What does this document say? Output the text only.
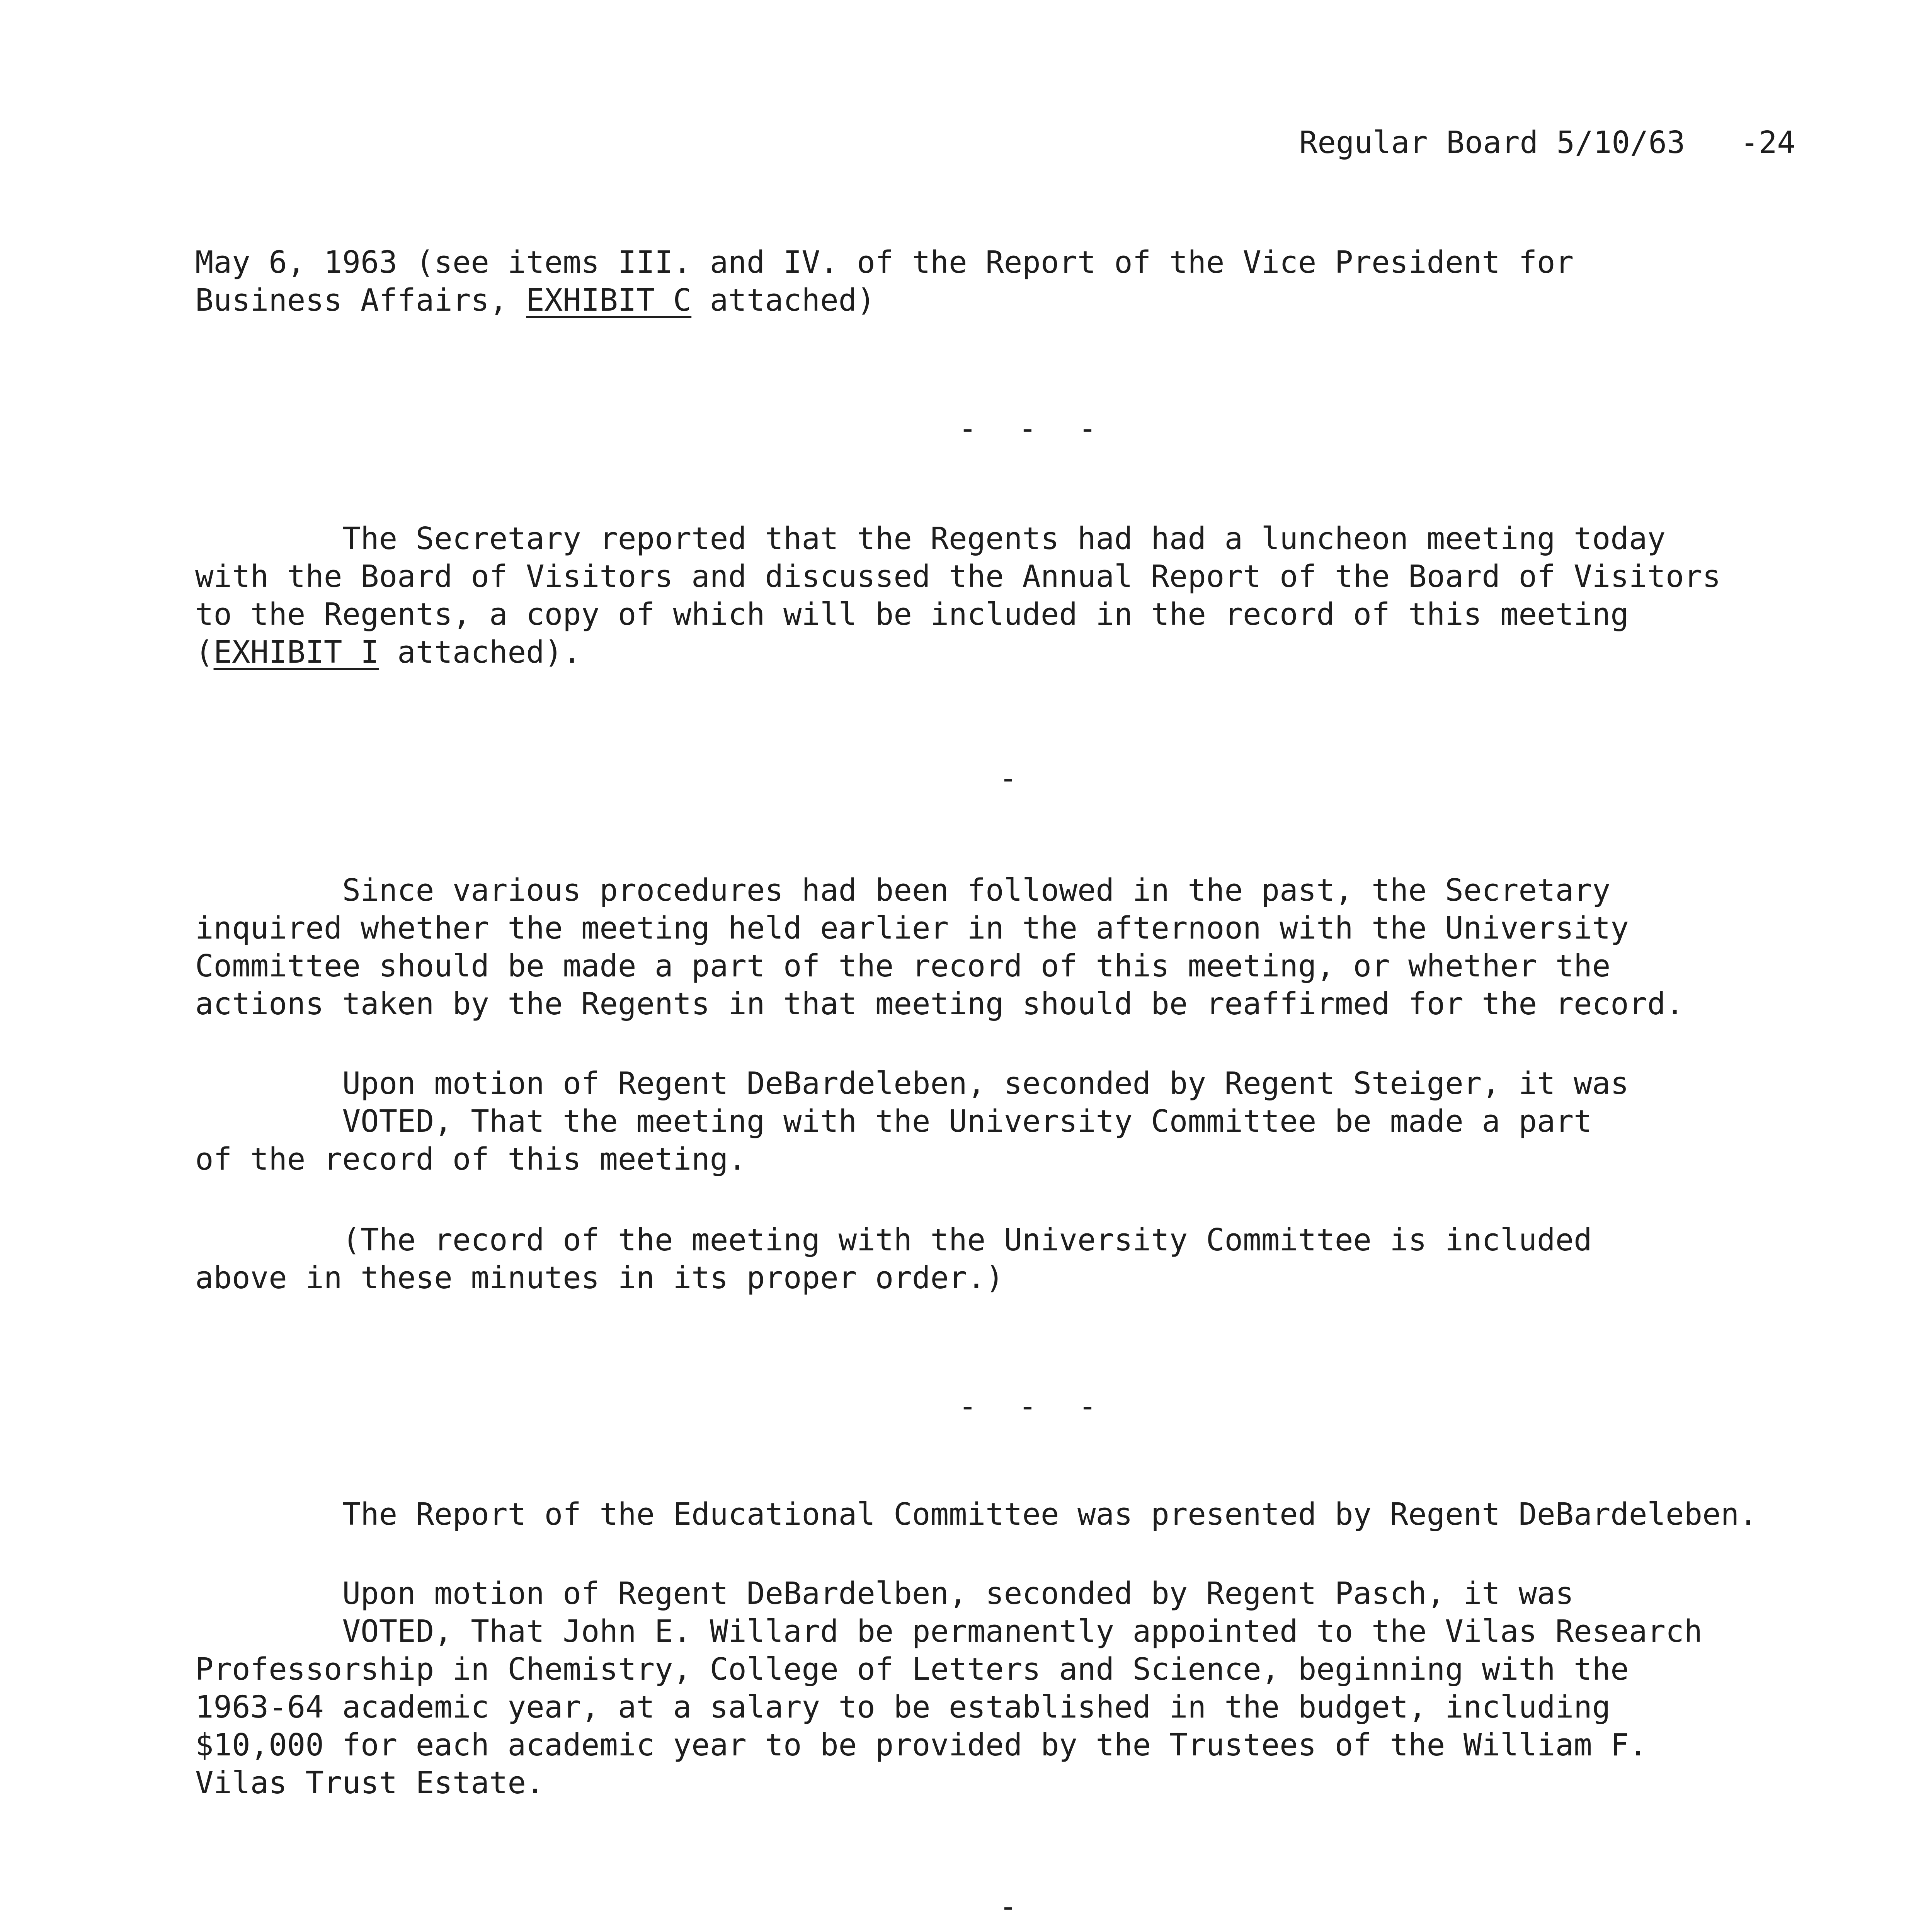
Regular Board 5/10/63   -24
May 6, 1963 (see items III. and IV. of the Report of the Vice President for
Business Affairs, EXHIBIT C attached)
- - -
The Secretary reported that the Regents had had a luncheon meeting today
with the Board of Visitors and discussed the Annual Report of the Board of Visitors
to the Regents, a copy of which will be included in the record of this meeting
(EXHIBIT I attached).
-
Since various procedures had been followed in the past, the Secretary
inquired whether the meeting held earlier in the afternoon with the University
Committee should be made a part of the record of this meeting, or whether the
actions taken by the Regents in that meeting should be reaffirmed for the record.
Upon motion of Regent DeBardeleben, seconded by Regent Steiger, it was
VOTED, That the meeting with the University Committee be made a part
of the record of this meeting.
(The record of the meeting with the University Committee is included
above in these minutes in its proper order.)
- - -
The Report of the Educational Committee was presented by Regent DeBardeleben.
Upon motion of Regent DeBardelben, seconded by Regent Pasch, it was
VOTED, That John E. Willard be permanently appointed to the Vilas Research
Professorship in Chemistry, College of Letters and Science, beginning with the
1963-64 academic year, at a salary to be established in the budget, including
$10,000 for each academic year to be provided by the Trustees of the William F.
Vilas Trust Estate.
-
